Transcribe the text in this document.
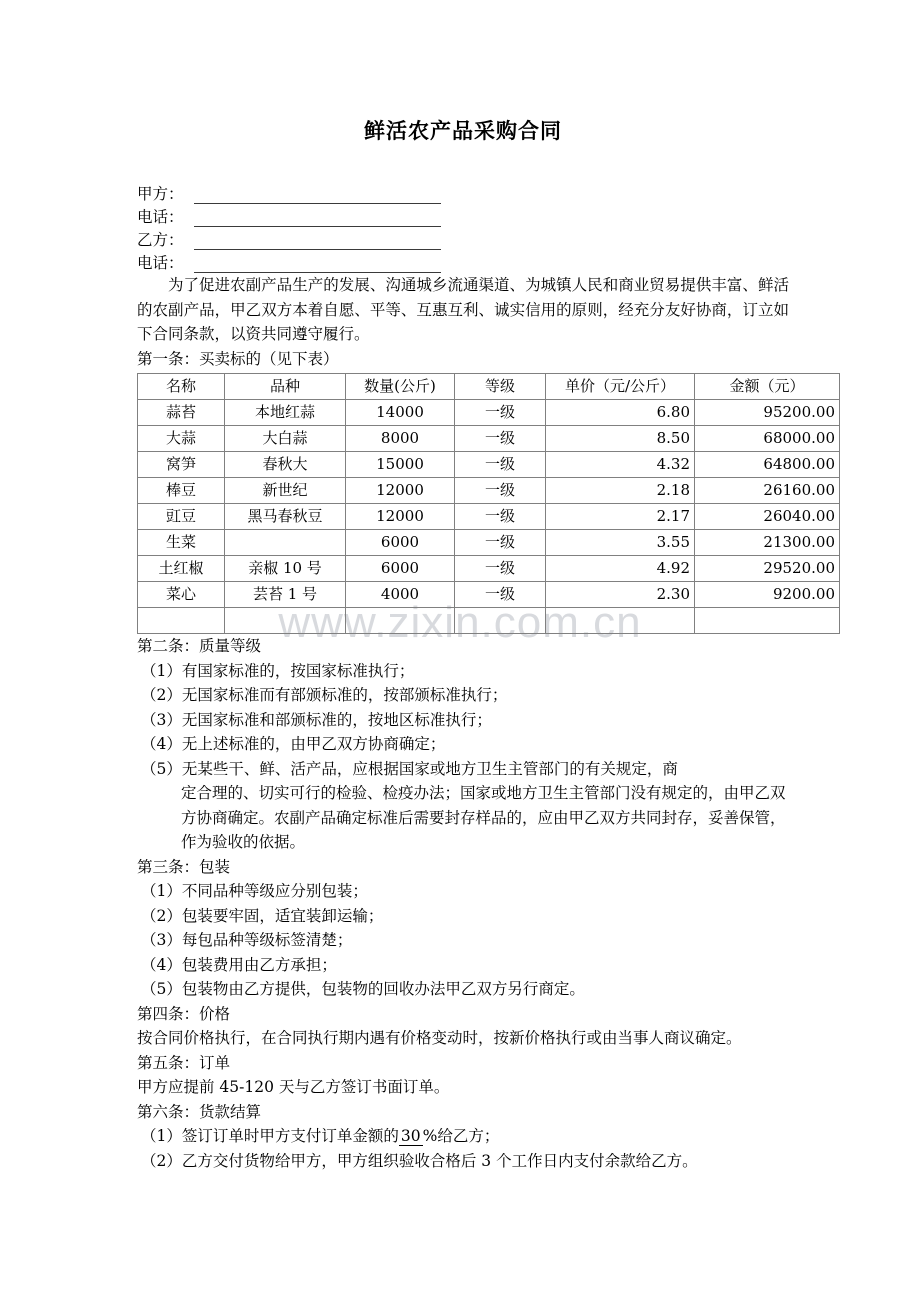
www.zixin.com.cn
鲜活农产品采购合同
甲方：
电话：
乙方：
电话：

为了促进农副产品生产的发展、沟通城乡流通渠道、为城镇人民和商业贸易提供丰富、鲜活的农副产品，甲乙双方本着自愿、平等、互惠互利、诚实信用的原则，经充分友好协商，订立如下合同条款，以资共同遵守履行。

第一条：买卖标的（见下表）

名称	品种	数量(公斤)	等级	单价（元/公斤）	金额（元）
蒜苔	本地红蒜	14000	一级	6.80	95200.00
大蒜	大白蒜	8000	一级	8.50	68000.00
窝笋	春秋大	15000	一级	4.32	64800.00
棒豆	新世纪	12000	一级	2.18	26160.00
豇豆	黑马春秋豆	12000	一级	2.17	26040.00
生菜		6000	一级	3.55	21300.00
土红椒	亲椒 10 号	6000	一级	4.92	29520.00
菜心	芸苔 1 号	4000	一级	2.30	9200.00

第二条：质量等级

（1）有国家标准的，按国家标准执行；

（2）无国家标准而有部颁标准的，按部颁标准执行；

（3）无国家标准和部颁标准的，按地区标准执行；

（4）无上述标准的，由甲乙双方协商确定；

（5）无某些干、鲜、活产品，应根据国家或地方卫生主管部门的有关规定，商
定合理的、切实可行的检验、检疫办法；国家或地方卫生主管部门没有规定的，由甲乙双方协商确定。农副产品确定标准后需要封存样品的，应由甲乙双方共同封存，妥善保管，作为验收的依据。

第三条：包装

（1）不同品种等级应分别包装；

（2）包装要牢固，适宜装卸运输；

（3）每包品种等级标签清楚；

（4）包装费用由乙方承担；

（5）包装物由乙方提供，包装物的回收办法甲乙双方另行商定。

第四条：价格

按合同价格执行，在合同执行期内遇有价格变动时，按新价格执行或由当事人商议确定。

第五条：订单

甲方应提前 45-120 天与乙方签订书面订单。

第六条：货款结算

（1）签订订单时甲方支付订单金额的 30 %给乙方；

（2）乙方交付货物给甲方，甲方组织验收合格后 3 个工作日内支付余款给乙方。
